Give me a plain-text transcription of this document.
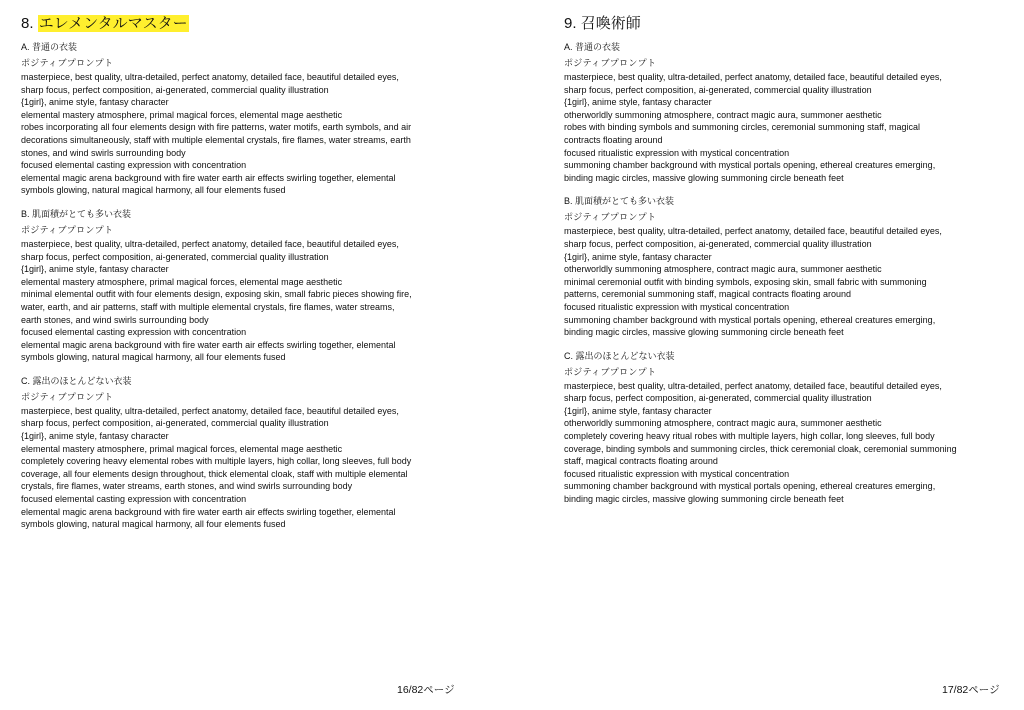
8. エレメンタルマスター
A. 普通の衣装
ポジティブプロンプト

masterpiece, best quality, ultra-detailed, perfect anatomy, detailed face, beautiful detailed eyes,

sharp focus, perfect composition, ai-generated, commercial quality illustration

{1girl}, anime style, fantasy character

elemental mastery atmosphere, primal magical forces, elemental mage aesthetic

robes incorporating all four elements design with fire patterns, water motifs, earth symbols, and air

decorations simultaneously, staff with multiple elemental crystals, fire flames, water streams, earth

stones, and wind swirls surrounding body

focused elemental casting expression with concentration

elemental magic arena background with fire water earth air effects swirling together, elemental

symbols glowing, natural magical harmony, all four elements fused

B. 肌面積がとても多い衣装
ポジティブプロンプト

masterpiece, best quality, ultra-detailed, perfect anatomy, detailed face, beautiful detailed eyes,

sharp focus, perfect composition, ai-generated, commercial quality illustration

{1girl}, anime style, fantasy character

elemental mastery atmosphere, primal magical forces, elemental mage aesthetic

minimal elemental outfit with four elements design, exposing skin, small fabric pieces showing fire,

water, earth, and air patterns, staff with multiple elemental crystals, fire flames, water streams,

earth stones, and wind swirls surrounding body

focused elemental casting expression with concentration

elemental magic arena background with fire water earth air effects swirling together, elemental

symbols glowing, natural magical harmony, all four elements fused

C. 露出のほとんどない衣装
ポジティブプロンプト

masterpiece, best quality, ultra-detailed, perfect anatomy, detailed face, beautiful detailed eyes,

sharp focus, perfect composition, ai-generated, commercial quality illustration

{1girl}, anime style, fantasy character

elemental mastery atmosphere, primal magical forces, elemental mage aesthetic

completely covering heavy elemental robes with multiple layers, high collar, long sleeves, full body

coverage, all four elements design throughout, thick elemental cloak, staff with multiple elemental

crystals, fire flames, water streams, earth stones, and wind swirls surrounding body

focused elemental casting expression with concentration

elemental magic arena background with fire water earth air effects swirling together, elemental

symbols glowing, natural magical harmony, all four elements fused

16/82ページ
9. 召喚術師
A. 普通の衣装
ポジティブプロンプト

masterpiece, best quality, ultra-detailed, perfect anatomy, detailed face, beautiful detailed eyes,

sharp focus, perfect composition, ai-generated, commercial quality illustration

{1girl}, anime style, fantasy character

otherworldly summoning atmosphere, contract magic aura, summoner aesthetic

robes with binding symbols and summoning circles, ceremonial summoning staff, magical

contracts floating around

focused ritualistic expression with mystical concentration

summoning chamber background with mystical portals opening, ethereal creatures emerging,

binding magic circles, massive glowing summoning circle beneath feet

B. 肌面積がとても多い衣装
ポジティブプロンプト

masterpiece, best quality, ultra-detailed, perfect anatomy, detailed face, beautiful detailed eyes,

sharp focus, perfect composition, ai-generated, commercial quality illustration

{1girl}, anime style, fantasy character

otherworldly summoning atmosphere, contract magic aura, summoner aesthetic

minimal ceremonial outfit with binding symbols, exposing skin, small fabric with summoning

patterns, ceremonial summoning staff, magical contracts floating around

focused ritualistic expression with mystical concentration

summoning chamber background with mystical portals opening, ethereal creatures emerging,

binding magic circles, massive glowing summoning circle beneath feet

C. 露出のほとんどない衣装
ポジティブプロンプト

masterpiece, best quality, ultra-detailed, perfect anatomy, detailed face, beautiful detailed eyes,

sharp focus, perfect composition, ai-generated, commercial quality illustration

{1girl}, anime style, fantasy character

otherworldly summoning atmosphere, contract magic aura, summoner aesthetic

completely covering heavy ritual robes with multiple layers, high collar, long sleeves, full body

coverage, binding symbols and summoning circles, thick ceremonial cloak, ceremonial summoning

staff, magical contracts floating around

focused ritualistic expression with mystical concentration

summoning chamber background with mystical portals opening, ethereal creatures emerging,

binding magic circles, massive glowing summoning circle beneath feet

17/82ページ
